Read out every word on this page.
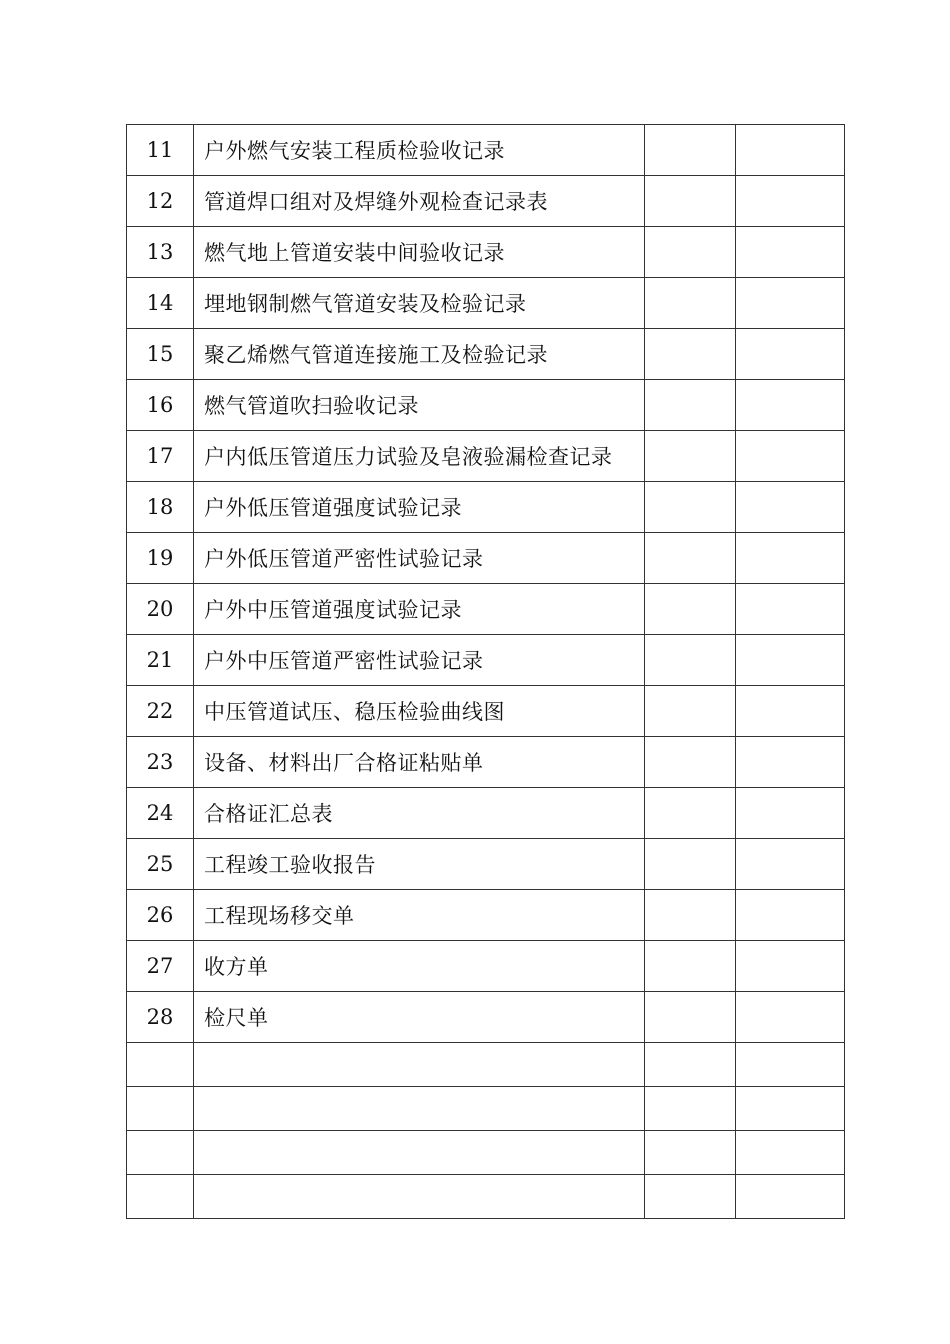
11	户外燃气安装工程质检验收记录		
12	管道焊口组对及焊缝外观检查记录表		
13	燃气地上管道安装中间验收记录		
14	埋地钢制燃气管道安装及检验记录		
15	聚乙烯燃气管道连接施工及检验记录		
16	燃气管道吹扫验收记录		
17	户内低压管道压力试验及皂液验漏检查记录		
18	户外低压管道强度试验记录		
19	户外低压管道严密性试验记录		
20	户外中压管道强度试验记录		
21	户外中压管道严密性试验记录		
22	中压管道试压、稳压检验曲线图		
23	设备、材料出厂合格证粘贴单		
24	合格证汇总表		
25	工程竣工验收报告		
26	工程现场移交单		
27	收方单		
28	检尺单		
